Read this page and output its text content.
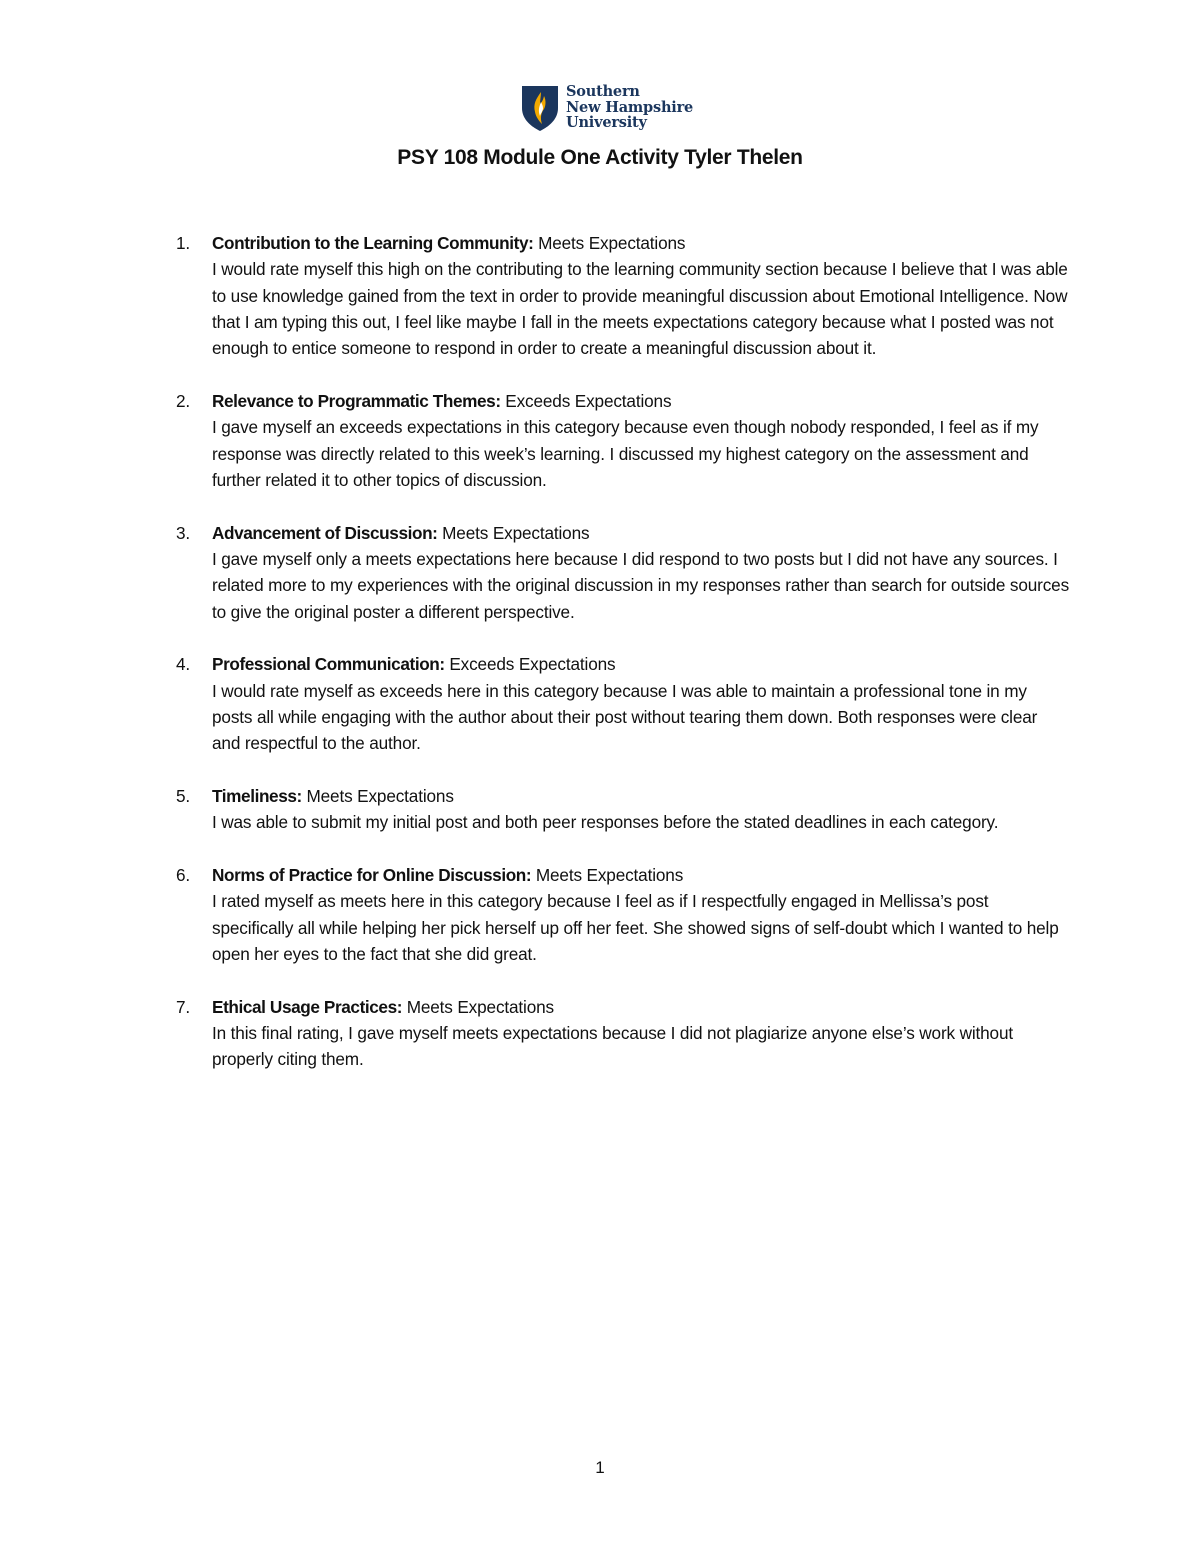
Southern
New Hampshire
University
PSY 108 Module One Activity Tyler Thelen
1. Contribution to the Learning Community: Meets Expectations
I would rate myself this high on the contributing to the learning community section because I believe that I was able to use knowledge gained from the text in order to provide meaningful discussion about Emotional Intelligence. Now that I am typing this out, I feel like maybe I fall in the meets expectations category because what I posted was not enough to entice someone to respond in order to create a meaningful discussion about it.
2. Relevance to Programmatic Themes: Exceeds Expectations
I gave myself an exceeds expectations in this category because even though nobody responded, I feel as if my response was directly related to this week’s learning. I discussed my highest category on the assessment and further related it to other topics of discussion.
3. Advancement of Discussion: Meets Expectations
I gave myself only a meets expectations here because I did respond to two posts but I did not have any sources. I related more to my experiences with the original discussion in my responses rather than search for outside sources to give the original poster a different perspective.
4. Professional Communication: Exceeds Expectations
I would rate myself as exceeds here in this category because I was able to maintain a professional tone in my posts all while engaging with the author about their post without tearing them down. Both responses were clear and respectful to the author.
5. Timeliness: Meets Expectations
I was able to submit my initial post and both peer responses before the stated deadlines in each category.
6. Norms of Practice for Online Discussion: Meets Expectations
I rated myself as meets here in this category because I feel as if I respectfully engaged in Mellissa’s post specifically all while helping her pick herself up off her feet. She showed signs of self-doubt which I wanted to help open her eyes to the fact that she did great.
7. Ethical Usage Practices: Meets Expectations
In this final rating, I gave myself meets expectations because I did not plagiarize anyone else’s work without properly citing them.
1
